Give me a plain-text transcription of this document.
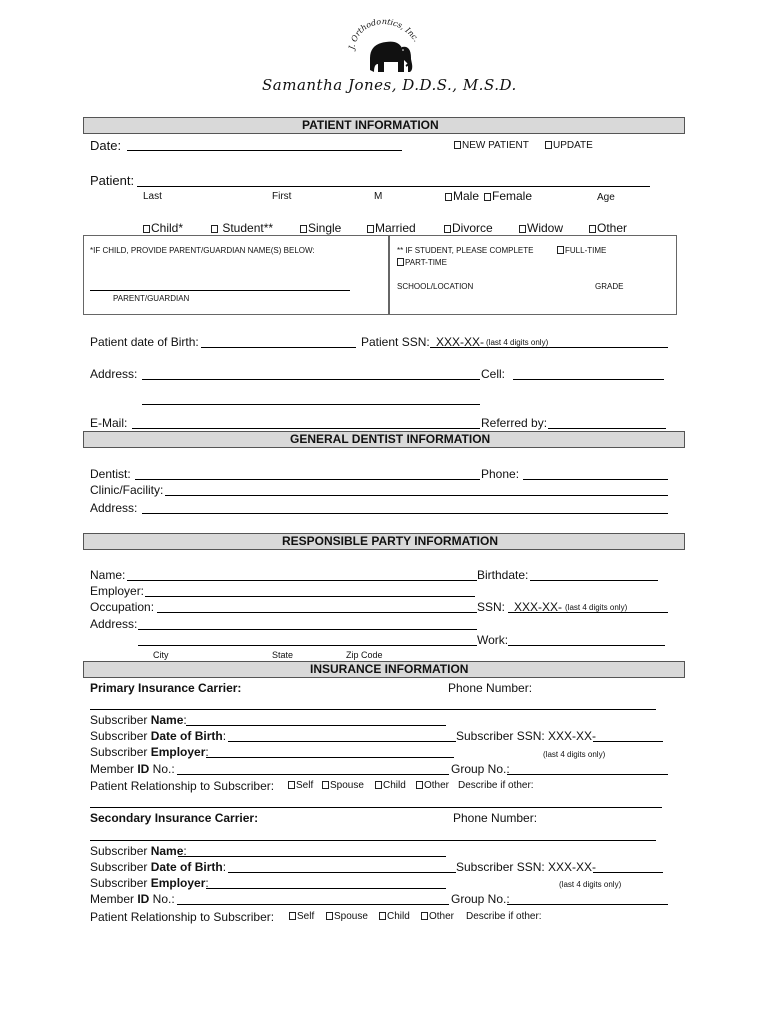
J. Orthodontics, Inc.
Samantha Jones, D.D.S., M.S.D.
PATIENT INFORMATION
Date:	NEW PATIENT	UPDATE
Patient:
Last	First	M	Male	Female	Age
Child*	Student**	Single	Married	Divorce	Widow	Other
*IF CHILD, PROVIDE PARENT/GUARDIAN NAME(S) BELOW:
PARENT/GUARDIAN
** IF STUDENT, PLEASE COMPLETE	FULL-TIME
PART-TIME
SCHOOL/LOCATION	GRADE
Patient date of Birth:	Patient SSN: XXX-XX- (last 4 digits only)
Address:	Cell:
E-Mail:	Referred by:
GENERAL DENTIST INFORMATION
Dentist:	Phone:
Clinic/Facility:
Address:
RESPONSIBLE PARTY INFORMATION
Name:	Birthdate:
Employer:
Occupation:	SSN: XXX-XX- (last 4 digits only)
Address:
Work:
City	State	Zip Code
INSURANCE INFORMATION
Primary Insurance Carrier:	Phone Number:
Subscriber Name:
Subscriber Date of Birth:	Subscriber SSN: XXX-XX-
Subscriber Employer:	(last 4 digits only)
Member ID No.:	Group No.:
Patient Relationship to Subscriber:	Self	Spouse	Child	Other Describe if other:
Secondary Insurance Carrier:	Phone Number:
Subscriber Name:
Subscriber Date of Birth:	Subscriber SSN: XXX-XX-
Subscriber Employer:	(last 4 digits only)
Member ID No.:	Group No.:
Patient Relationship to Subscriber:	Self	Spouse	Child	Other Describe if other:
